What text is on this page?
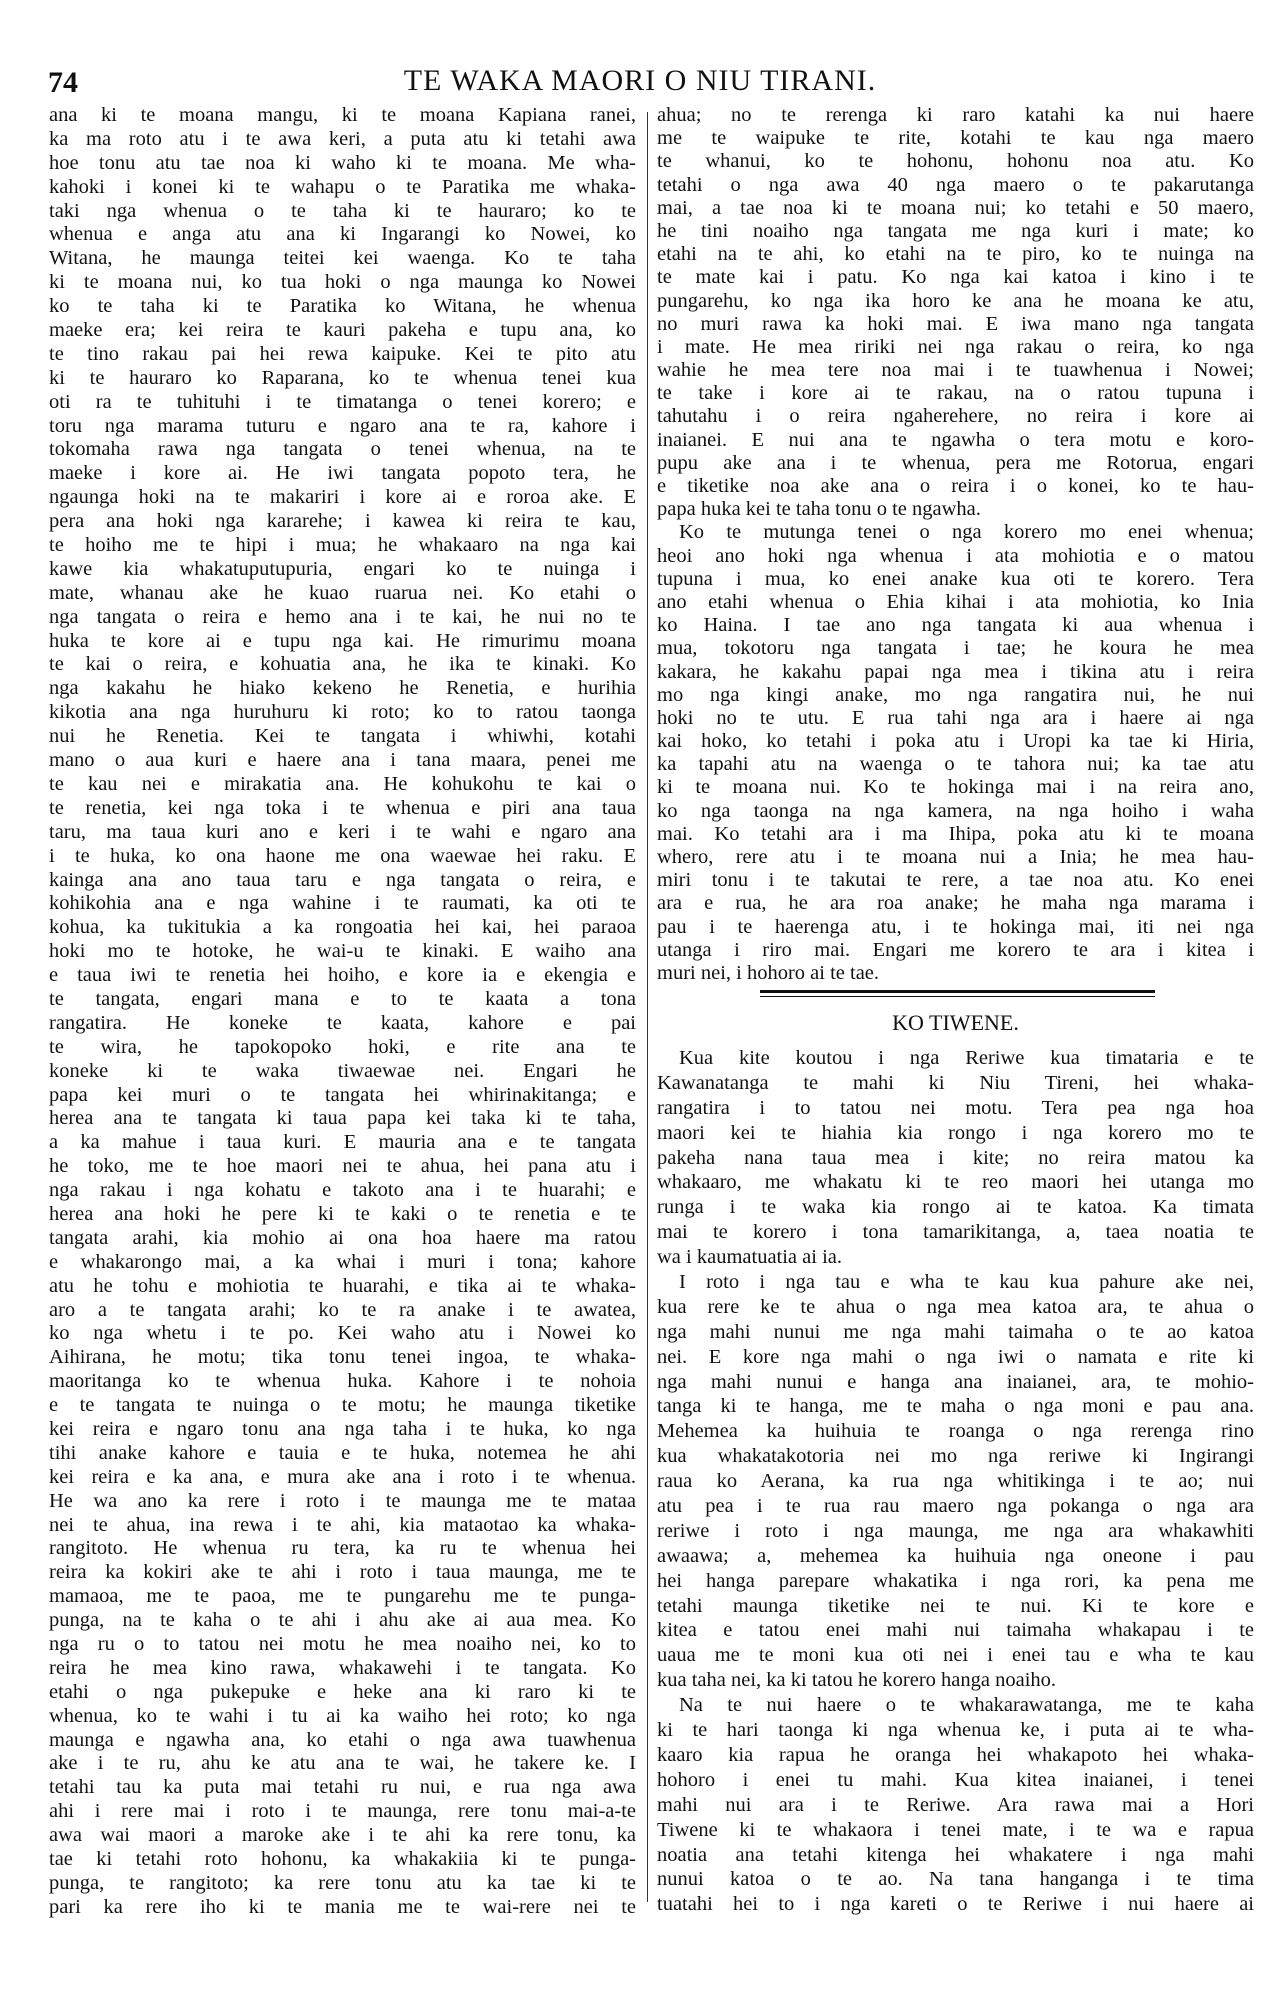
74	TE WAKA MAORI O NIU TIRANI.
ana ki te moana mangu, ki te moana Kapiana ranei,
ka ma roto atu i te awa keri, a puta atu ki tetahi awa
hoe tonu atu tae noa ki waho ki te moana. Me wha-
kahoki i konei ki te wahapu o te Paratika me whaka-
taki nga whenua o te taha ki te hauraro; ko te
whenua e anga atu ana ki Ingarangi ko Nowei, ko
Witana, he maunga teitei kei waenga. Ko te taha
ki te moana nui, ko tua hoki o nga maunga ko Nowei
ko te taha ki te Paratika ko Witana, he whenua
maeke era; kei reira te kauri pakeha e tupu ana, ko
te tino rakau pai hei rewa kaipuke. Kei te pito atu
ki te hauraro ko Raparana, ko te whenua tenei kua
oti ra te tuhituhi i te timatanga o tenei korero; e
toru nga marama tuturu e ngaro ana te ra, kahore i
tokomaha rawa nga tangata o tenei whenua, na te
maeke i kore ai. He iwi tangata popoto tera, he
ngaunga hoki na te makariri i kore ai e roroa ake. E
pera ana hoki nga kararehe; i kawea ki reira te kau,
te hoiho me te hipi i mua; he whakaaro na nga kai
kawe kia whakatuputupuria, engari ko te nuinga i
mate, whanau ake he kuao ruarua nei. Ko etahi o
nga tangata o reira e hemo ana i te kai, he nui no te
huka te kore ai e tupu nga kai. He rimurimu moana
te kai o reira, e kohuatia ana, he ika te kinaki. Ko
nga kakahu he hiako kekeno he Renetia, e hurihia
kikotia ana nga huruhuru ki roto; ko to ratou taonga
nui he Renetia. Kei te tangata i whiwhi, kotahi
mano o aua kuri e haere ana i tana maara, penei me
te kau nei e mirakatia ana. He kohukohu te kai o
te renetia, kei nga toka i te whenua e piri ana taua
taru, ma taua kuri ano e keri i te wahi e ngaro ana
i te huka, ko ona haone me ona waewae hei raku. E
kainga ana ano taua taru e nga tangata o reira, e
kohikohia ana e nga wahine i te raumati, ka oti te
kohua, ka tukitukia a ka rongoatia hei kai, hei paraoa
hoki mo te hotoke, he wai-u te kinaki. E waiho ana
e taua iwi te renetia hei hoiho, e kore ia e ekengia e
te tangata, engari mana e to te kaata a tona
rangatira. He koneke te kaata, kahore e pai
te wira, he tapokopoko hoki, e rite ana te
koneke ki te waka tiwaewae nei. Engari he
papa kei muri o te tangata hei whirinakitanga; e
herea ana te tangata ki taua papa kei taka ki te taha,
a ka mahue i taua kuri. E mauria ana e te tangata
he toko, me te hoe maori nei te ahua, hei pana atu i
nga rakau i nga kohatu e takoto ana i te huarahi; e
herea ana hoki he pere ki te kaki o te renetia e te
tangata arahi, kia mohio ai ona hoa haere ma ratou
e whakarongo mai, a ka whai i muri i tona; kahore
atu he tohu e mohiotia te huarahi, e tika ai te whaka-
aro a te tangata arahi; ko te ra anake i te awatea,
ko nga whetu i te po. Kei waho atu i Nowei ko
Aihirana, he motu; tika tonu tenei ingoa, te whaka-
maoritanga ko te whenua huka. Kahore i te nohoia
e te tangata te nuinga o te motu; he maunga tiketike
kei reira e ngaro tonu ana nga taha i te huka, ko nga
tihi anake kahore e tauia e te huka, notemea he ahi
kei reira e ka ana, e mura ake ana i roto i te whenua.
He wa ano ka rere i roto i te maunga me te mataa
nei te ahua, ina rewa i te ahi, kia mataotao ka whaka-
rangitoto. He whenua ru tera, ka ru te whenua hei
reira ka kokiri ake te ahi i roto i taua maunga, me te
mamaoa, me te paoa, me te pungarehu me te punga-
punga, na te kaha o te ahi i ahu ake ai aua mea. Ko
nga ru o to tatou nei motu he mea noaiho nei, ko to
reira he mea kino rawa, whakawehi i te tangata. Ko
etahi o nga pukepuke e heke ana ki raro ki te
whenua, ko te wahi i tu ai ka waiho hei roto; ko nga
maunga e ngawha ana, ko etahi o nga awa tuawhenua
ake i te ru, ahu ke atu ana te wai, he takere ke. I
tetahi tau ka puta mai tetahi ru nui, e rua nga awa
ahi i rere mai i roto i te maunga, rere tonu mai-a-te
awa wai maori a maroke ake i te ahi ka rere tonu, ka
tae ki tetahi roto hohonu, ka whakakiia ki te punga-
punga, te rangitoto; ka rere tonu atu ka tae ki te
pari ka rere iho ki te mania me te wai-rere nei te
ahua; no te rerenga ki raro katahi ka nui haere
me te waipuke te rite, kotahi te kau nga maero
te whanui, ko te hohonu, hohonu noa atu. Ko
tetahi o nga awa 40 nga maero o te pakarutanga
mai, a tae noa ki te moana nui; ko tetahi e 50 maero,
he tini noaiho nga tangata me nga kuri i mate; ko
etahi na te ahi, ko etahi na te piro, ko te nuinga na
te mate kai i patu. Ko nga kai katoa i kino i te
pungarehu, ko nga ika horo ke ana he moana ke atu,
no muri rawa ka hoki mai. E iwa mano nga tangata
i mate. He mea ririki nei nga rakau o reira, ko nga
wahie he mea tere noa mai i te tuawhenua i Nowei;
te take i kore ai te rakau, na o ratou tupuna i
tahutahu i o reira ngaherehere, no reira i kore ai
inaianei. E nui ana te ngawha o tera motu e koro-
pupu ake ana i te whenua, pera me Rotorua, engari
e tiketike noa ake ana o reira i o konei, ko te hau-
papa huka kei te taha tonu o te ngawha.
Ko te mutunga tenei o nga korero mo enei whenua;
heoi ano hoki nga whenua i ata mohiotia e o matou
tupuna i mua, ko enei anake kua oti te korero. Tera
ano etahi whenua o Ehia kihai i ata mohiotia, ko Inia
ko Haina. I tae ano nga tangata ki aua whenua i
mua, tokotoru nga tangata i tae; he koura he mea
kakara, he kakahu papai nga mea i tikina atu i reira
mo nga kingi anake, mo nga rangatira nui, he nui
hoki no te utu. E rua tahi nga ara i haere ai nga
kai hoko, ko tetahi i poka atu i Uropi ka tae ki Hiria,
ka tapahi atu na waenga o te tahora nui; ka tae atu
ki te moana nui. Ko te hokinga mai i na reira ano,
ko nga taonga na nga kamera, na nga hoiho i waha
mai. Ko tetahi ara i ma Ihipa, poka atu ki te moana
whero, rere atu i te moana nui a Inia; he mea hau-
miri tonu i te takutai te rere, a tae noa atu. Ko enei
ara e rua, he ara roa anake; he maha nga marama i
pau i te haerenga atu, i te hokinga mai, iti nei nga
utanga i riro mai. Engari me korero te ara i kitea i
muri nei, i hohoro ai te tae.
KO TIWENE.
Kua kite koutou i nga Reriwe kua timataria e te
Kawanatanga te mahi ki Niu Tireni, hei whaka-
rangatira i to tatou nei motu. Tera pea nga hoa
maori kei te hiahia kia rongo i nga korero mo te
pakeha nana taua mea i kite; no reira matou ka
whakaaro, me whakatu ki te reo maori hei utanga mo
runga i te waka kia rongo ai te katoa. Ka timata
mai te korero i tona tamarikitanga, a, taea noatia te
wa i kaumatuatia ai ia.
I roto i nga tau e wha te kau kua pahure ake nei,
kua rere ke te ahua o nga mea katoa ara, te ahua o
nga mahi nunui me nga mahi taimaha o te ao katoa
nei. E kore nga mahi o nga iwi o namata e rite ki
nga mahi nunui e hanga ana inaianei, ara, te mohio-
tanga ki te hanga, me te maha o nga moni e pau ana.
Mehemea ka huihuia te roanga o nga rerenga rino
kua whakatakotoria nei mo nga reriwe ki Ingirangi
raua ko Aerana, ka rua nga whitikinga i te ao; nui
atu pea i te rua rau maero nga pokanga o nga ara
reriwe i roto i nga maunga, me nga ara whakawhiti
awaawa; a, mehemea ka huihuia nga oneone i pau
hei hanga parepare whakatika i nga rori, ka pena me
tetahi maunga tiketike nei te nui. Ki te kore e
kitea e tatou enei mahi nui taimaha whakapau i te
uaua me te moni kua oti nei i enei tau e wha te kau
kua taha nei, ka ki tatou he korero hanga noaiho.
Na te nui haere o te whakarawatanga, me te kaha
ki te hari taonga ki nga whenua ke, i puta ai te wha-
kaaro kia rapua he oranga hei whakapoto hei whaka-
hohoro i enei tu mahi. Kua kitea inaianei, i tenei
mahi nui ara i te Reriwe. Ara rawa mai a Hori
Tiwene ki te whakaora i tenei mate, i te wa e rapua
noatia ana tetahi kitenga hei whakatere i nga mahi
nunui katoa o te ao. Na tana hanganga i te tima
tuatahi hei to i nga kareti o te Reriwe i nui haere ai
